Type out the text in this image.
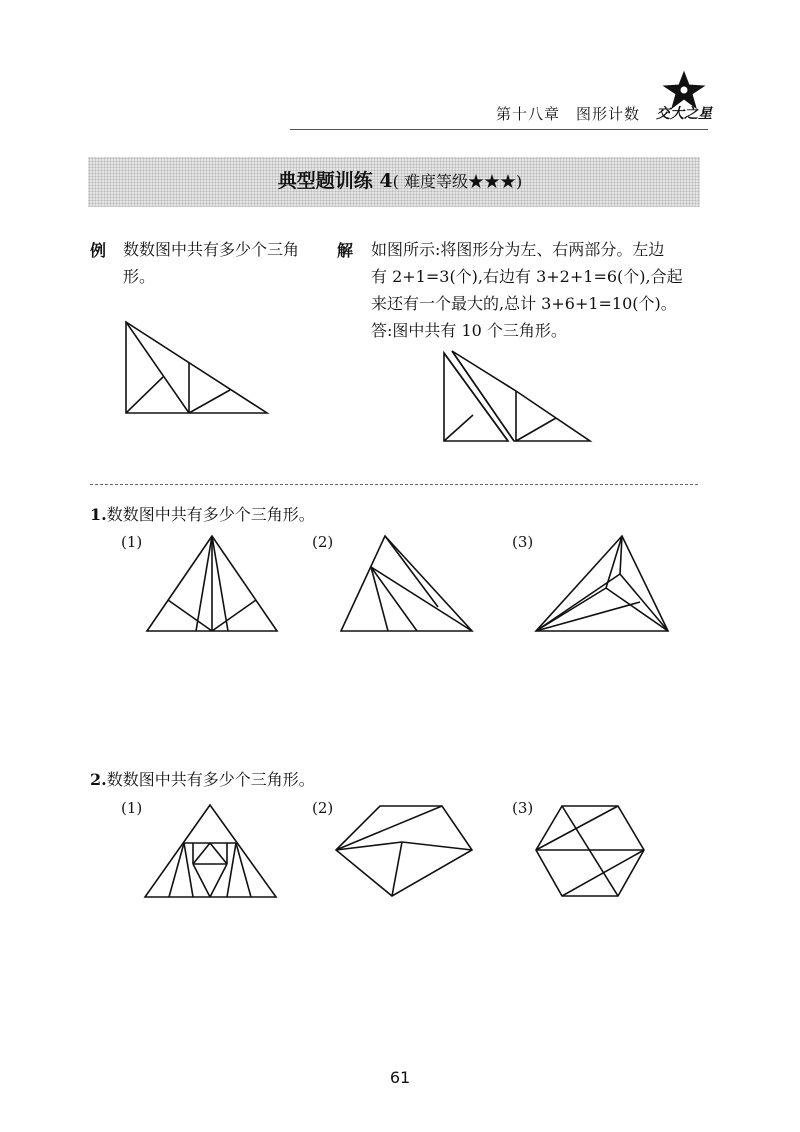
第十八章　图形计数 交大之星
典型题训练 4( 难度等级★★★)
例 数数图中共有多少个三角形。
解 如图所示:将图形分为左、右两部分。左边
有 2+1=3(个),右边有 3+2+1=6(个),合起
来还有一个最大的,总计 3+6+1=10(个)。
答:图中共有 10 个三角形。
1.数数图中共有多少个三角形。
(1)	(2)	(3)
2.数数图中共有多少个三角形。
(1)	(2)	(3)
61
